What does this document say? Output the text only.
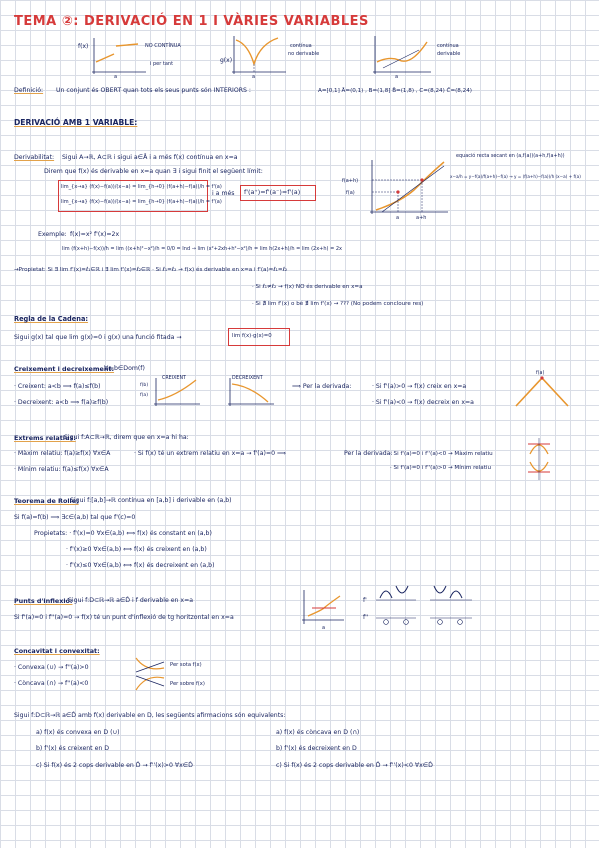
TEMA ②: DERIVACIÓ EN 1 I VÀRIES VARIABLES
f(x)
a
NO CONTÍNUA
i per tant	g(x)
a
contínua
no derivable
a
contínua
derivable
Definició: Un conjunt és OBERT quan tots els seus punts són INTERIORS :	A=[0,1] Å=(0,1) , B=(1,8] B̊=(1,8) , C=(8,24) C̊=(8,24)
DERIVACIÓ AMB 1 VARIABLE:
Derivabilitat: Sigui A→ℝ, A⊂ℝ i sigui a∈Å i a més f(x) contínua en x=a
Direm que f(x) és derivable en x=a quan ∃ i sigui finit el següent límit:
lim_{x→a} (f(x)−f(a))/(x−a) = lim_{h→0} (f(a+h)−f(a))/h = f'(a)
lim_{x→a} (f(x)−f(a))/(x−a) = lim_{h→0} (f(a+h)−f(a))/h = f'(a)
i a més f'(a⁺)=f'(a⁻)=f'(a)
f(a+h)
f(a)
a	a+h
equació recta secant en (a,f(a))(a+h,f(a+h))
x−a/h = y−f(a)/f(a+h)−f(a) → y = (f(a+h)−f(a))/h (x−a) + f(a)
Exemple: f(x)=x² f'(x)=2x
lim (f(x+h)−f(x))/h = lim ((x+h)²−x²)/h = 0/0 = Ind → lim (x²+2xh+h²−x²)/h = lim h(2x+h)/h = lim (2x+h) = 2x
→Propietat: Si ∃ lim f'(x)=ℓ₁∈ℝ i ∃ lim f'(x)=ℓ₂∈ℝ · Si ℓ₁=ℓ₂ → f(x) és derivable en x=a i f'(a)=ℓ₁=ℓ₂
· Si ℓ₁≠ℓ₂ → f(x) NO és derivable en x=a
· Si ∄ lim f'(x) o bé ∄ lim f'(x) → ??? (No podem concloure res)
Regla de la Cadena:
Sigui g(x) tal que lim g(x)=0 i g(x) una funció fitada →	lim f(x)·g(x)=0
Creixement i decreixement:
∀a,b∈Dom(f)
· Creixent: a<b ⟹ f(a)≤f(b)
· Decreixent: a<b ⟹ f(a)≥f(b)
CREIXENT
f(b)
f(a)
DECREIXENT
⟹ Per la derivada:	· Si f'(a)>0 → f(x) creix en x=a
· Si f'(a)<0 → f(x) decreix en x=a
f(a)
Extrems relatius:
Sigui f:A⊂ℝ→ℝ, direm que en x=a hi ha:
· Màxim relatiu: f(a)≥f(x) ∀x∈A
· Mínim relatiu: f(a)≤f(x) ∀x∈A
· Si f(x) té un extrem relatiu en x=a → f'(a)=0 ⟹	Per la derivada:
· Si f'(a)=0 i f''(a)<0 → Màxim relatiu
· Si f'(a)=0 i f''(a)>0 → Mínim relatiu
Teorema de Rolle:
Sigui f:[a,b]→ℝ contínua en [a,b] i derivable en (a,b)
Si f(a)=f(b) ⟹ ∃c∈(a,b) tal que f'(c)=0
Propietats: · f'(x)=0 ∀x∈(a,b) ⟺ f(x) és constant en (a,b)
· f'(x)≥0 ∀x∈(a,b) ⟺ f(x) és creixent en (a,b)
· f'(x)≤0 ∀x∈(a,b) ⟺ f(x) és decreixent en (a,b)
Punts d'inflexió:
Sigui f:D⊂ℝ→ℝ a∈D̊ i f derivable en x=a
Si f'(a)=0 i f''(a)=0 → f(x) té un punt d'inflexió de tg horitzontal en x=a
a
f'
f''
Concavitat i convexitat:
· Convexa (∪) → f''(a)>0
· Còncava (∩) → f''(a)<0
Per sota f(x)
Per sobre f(x)
Sigui f:D⊂ℝ→ℝ a∈D̊ amb f(x) derivable en D, les següents afirmacions són equivalents:
a) f(x) és convexa en D (∪)
b) f'(x) és creixent en D
c) Si f(x) és 2 cops derivable en D̊ → f''(x)>0 ∀x∈D̊
a) f(x) és còncava en D (∩)
b) f'(x) és decreixent en D
c) Si f(x) és 2 cops derivable en D̊ → f''(x)<0 ∀x∈D̊
